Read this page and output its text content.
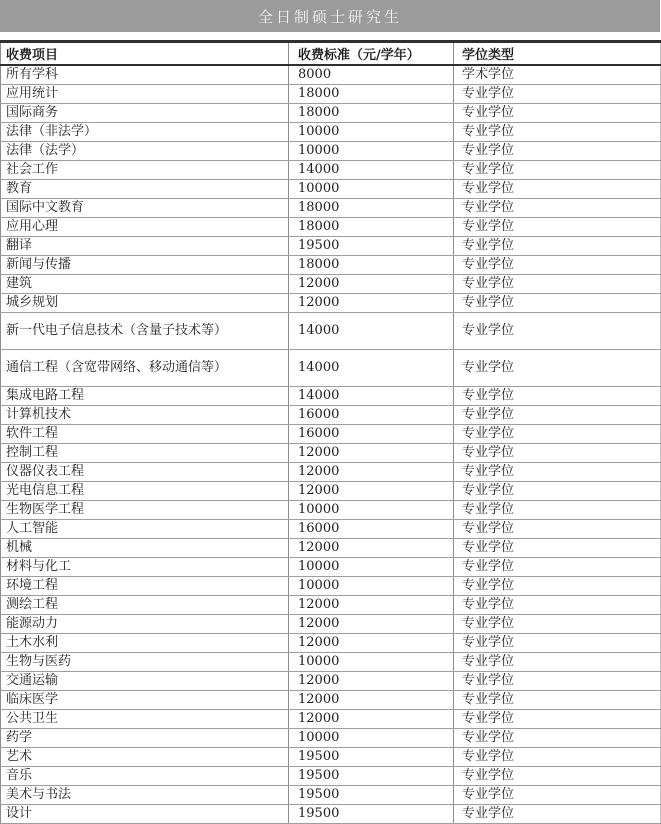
全日制硕士研究生
收费项目	收费标准（元/学年）	学位类型
所有学科	8000	学术学位
应用统计	18000	专业学位
国际商务	18000	专业学位
法律（非法学）	10000	专业学位
法律（法学）	10000	专业学位
社会工作	14000	专业学位
教育	10000	专业学位
国际中文教育	18000	专业学位
应用心理	18000	专业学位
翻译	19500	专业学位
新闻与传播	18000	专业学位
建筑	12000	专业学位
城乡规划	12000	专业学位
新一代电子信息技术（含量子技术等）	14000	专业学位
通信工程（含宽带网络、移动通信等）	14000	专业学位
集成电路工程	14000	专业学位
计算机技术	16000	专业学位
软件工程	16000	专业学位
控制工程	12000	专业学位
仪器仪表工程	12000	专业学位
光电信息工程	12000	专业学位
生物医学工程	10000	专业学位
人工智能	16000	专业学位
机械	12000	专业学位
材料与化工	10000	专业学位
环境工程	10000	专业学位
测绘工程	12000	专业学位
能源动力	12000	专业学位
土木水利	12000	专业学位
生物与医药	10000	专业学位
交通运输	12000	专业学位
临床医学	12000	专业学位
公共卫生	12000	专业学位
药学	10000	专业学位
艺术	19500	专业学位
音乐	19500	专业学位
美术与书法	19500	专业学位
设计	19500	专业学位
